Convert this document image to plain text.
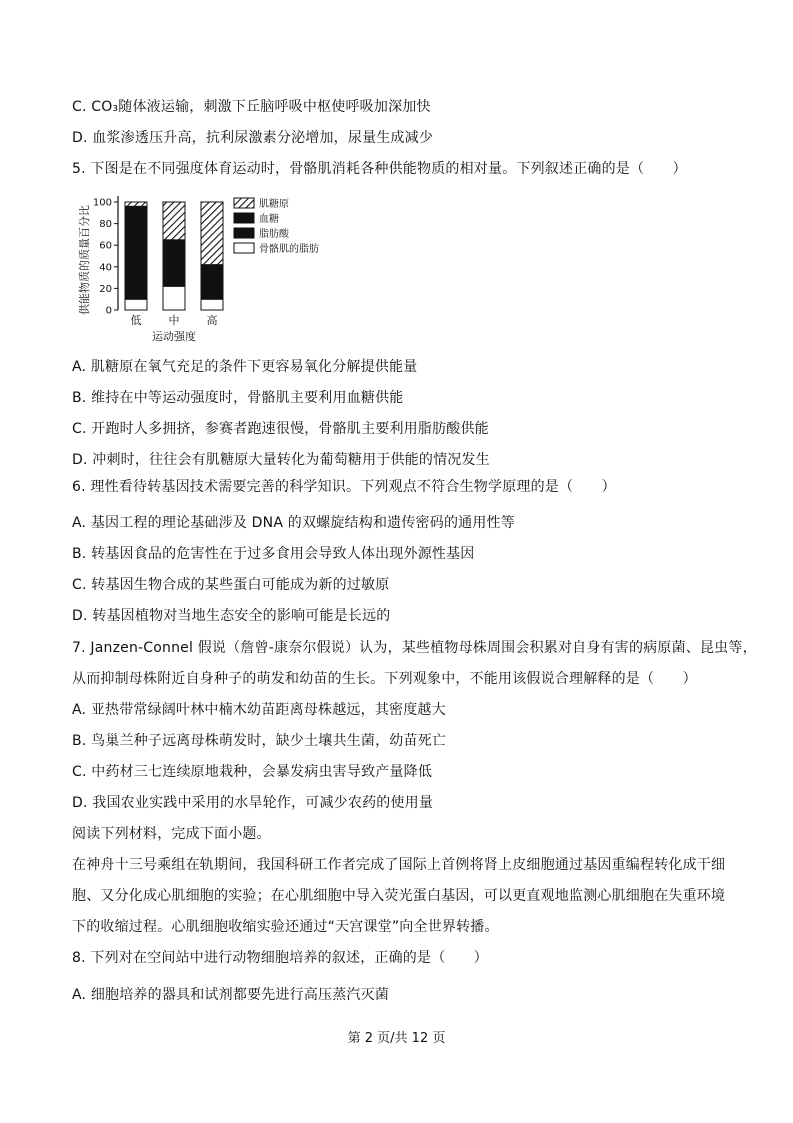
C. CO₃随体液运输，刺激下丘脑呼吸中枢使呼吸加深加快
D. 血浆渗透压升高，抗利尿激素分泌增加，尿量生成减少
5. 下图是在不同强度体育运动时，骨骼肌消耗各种供能物质的相对量。下列叙述正确的是（　　）
A. 肌糖原在氧气充足的条件下更容易氧化分解提供能量
B. 维持在中等运动强度时，骨骼肌主要利用血糖供能
C. 开跑时人多拥挤，参赛者跑速很慢，骨骼肌主要利用脂肪酸供能
D. 冲刺时，往往会有肌糖原大量转化为葡萄糖用于供能的情况发生
6. 理性看待转基因技术需要完善的科学知识。下列观点不符合生物学原理的是（　　）
A. 基因工程的理论基础涉及 DNA 的双螺旋结构和遗传密码的通用性等
B. 转基因食品的危害性在于过多食用会导致人体出现外源性基因
C. 转基因生物合成的某些蛋白可能成为新的过敏原
D. 转基因植物对当地生态安全的影响可能是长远的
7. Janzen-Connel 假说（詹曾-康奈尔假说）认为，某些植物母株周围会积累对自身有害的病原菌、昆虫等，
从而抑制母株附近自身种子的萌发和幼苗的生长。下列观象中，不能用该假说合理解释的是（　　）
A. 亚热带常绿阔叶林中楠木幼苗距离母株越远，其密度越大
B. 鸟巢兰种子远离母株萌发时，缺少土壤共生菌，幼苗死亡
C. 中药材三七连续原地栽种，会暴发病虫害导致产量降低
D. 我国农业实践中采用的水旱轮作，可减少农药的使用量
阅读下列材料，完成下面小题。
在神舟十三号乘组在轨期间，我国科研工作者完成了国际上首例将肾上皮细胞通过基因重编程转化成干细
胞、又分化成心肌细胞的实验；在心肌细胞中导入荧光蛋白基因，可以更直观地监测心肌细胞在失重环境
下的收缩过程。心肌细胞收缩实验还通过“天宫课堂”向全世界转播。
8. 下列对在空间站中进行动物细胞培养的叙述，正确的是（　　）
A. 细胞培养的器具和试剂都要先进行高压蒸汽灭菌
0
20
40
60
80
100
供能物质的质量百分比
低 中 高
运动强度
肌糖原
血糖
脂肪酸
骨骼肌的脂肪
第 2 页/共 12 页
